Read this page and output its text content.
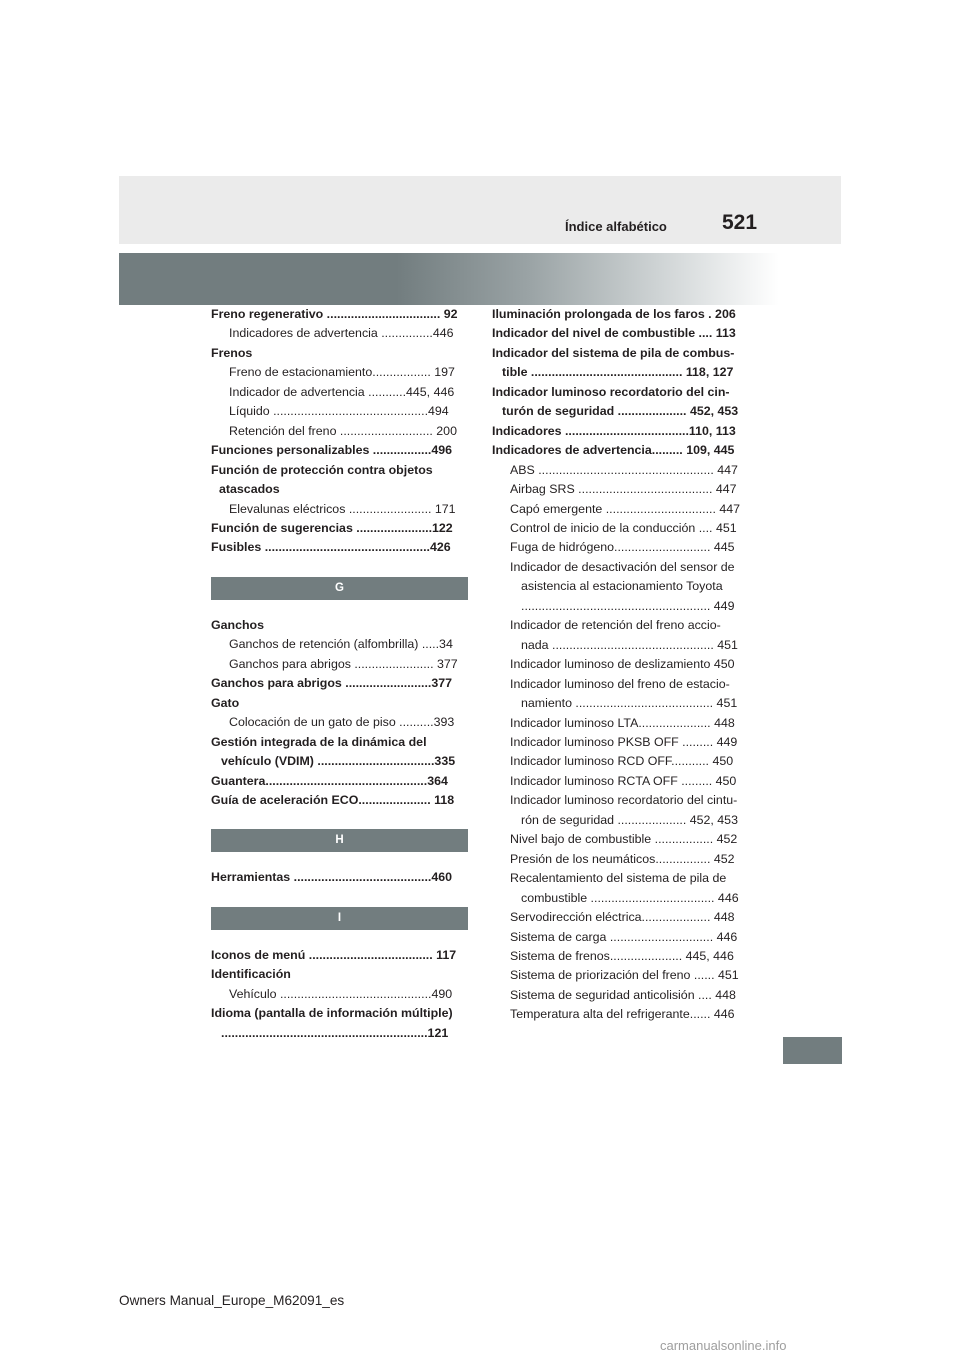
Índice alfabético	521
Freno regenerativo ................................. 92
Indicadores de advertencia ...............446
Frenos
Freno de estacionamiento................. 197
Indicador de advertencia ...........445, 446
Líquido .............................................494
Retención del freno ........................... 200
Funciones personalizables .................496
Función de protección contra objetos
atascados
Elevalunas eléctricos ........................ 171
Función de sugerencias ......................122
Fusibles ................................................426
G
Ganchos
Ganchos de retención (alfombrilla) .....34
Ganchos para abrigos ....................... 377
Ganchos para abrigos .........................377
Gato
Colocación de un gato de piso ..........393
Gestión integrada de la dinámica del
vehículo (VDIM) ..................................335
Guantera...............................................364
Guía de aceleración ECO..................... 118
H
Herramientas ........................................460
I
Iconos de menú .................................... 117
Identificación
Vehículo ............................................490
Idioma (pantalla de información múltiple)
............................................................121
Iluminación prolongada de los faros . 206
Indicador del nivel de combustible .... 113
Indicador del sistema de pila de combus-
tible ............................................ 118, 127
Indicador luminoso recordatorio del cin-
turón de seguridad .................... 452, 453
Indicadores ....................................110, 113
Indicadores de advertencia......... 109, 445
ABS ................................................... 447
Airbag SRS ....................................... 447
Capó emergente ................................ 447
Control de inicio de la conducción .... 451
Fuga de hidrógeno............................ 445
Indicador de desactivación del sensor de
asistencia al estacionamiento Toyota
....................................................... 449
Indicador de retención del freno accio-
nada ............................................... 451
Indicador luminoso de deslizamiento 450
Indicador luminoso del freno de estacio-
namiento ........................................ 451
Indicador luminoso LTA..................... 448
Indicador luminoso PKSB OFF ......... 449
Indicador luminoso RCD OFF........... 450
Indicador luminoso RCTA OFF ......... 450
Indicador luminoso recordatorio del cintu-
rón de seguridad .................... 452, 453
Nivel bajo de combustible ................. 452
Presión de los neumáticos................ 452
Recalentamiento del sistema de pila de
combustible .................................... 446
Servodirección eléctrica.................... 448
Sistema de carga .............................. 446
Sistema de frenos..................... 445, 446
Sistema de priorización del freno ...... 451
Sistema de seguridad anticolisión .... 448
Temperatura alta del refrigerante...... 446
Owners Manual_Europe_M62091_es
carmanualsonline.info
